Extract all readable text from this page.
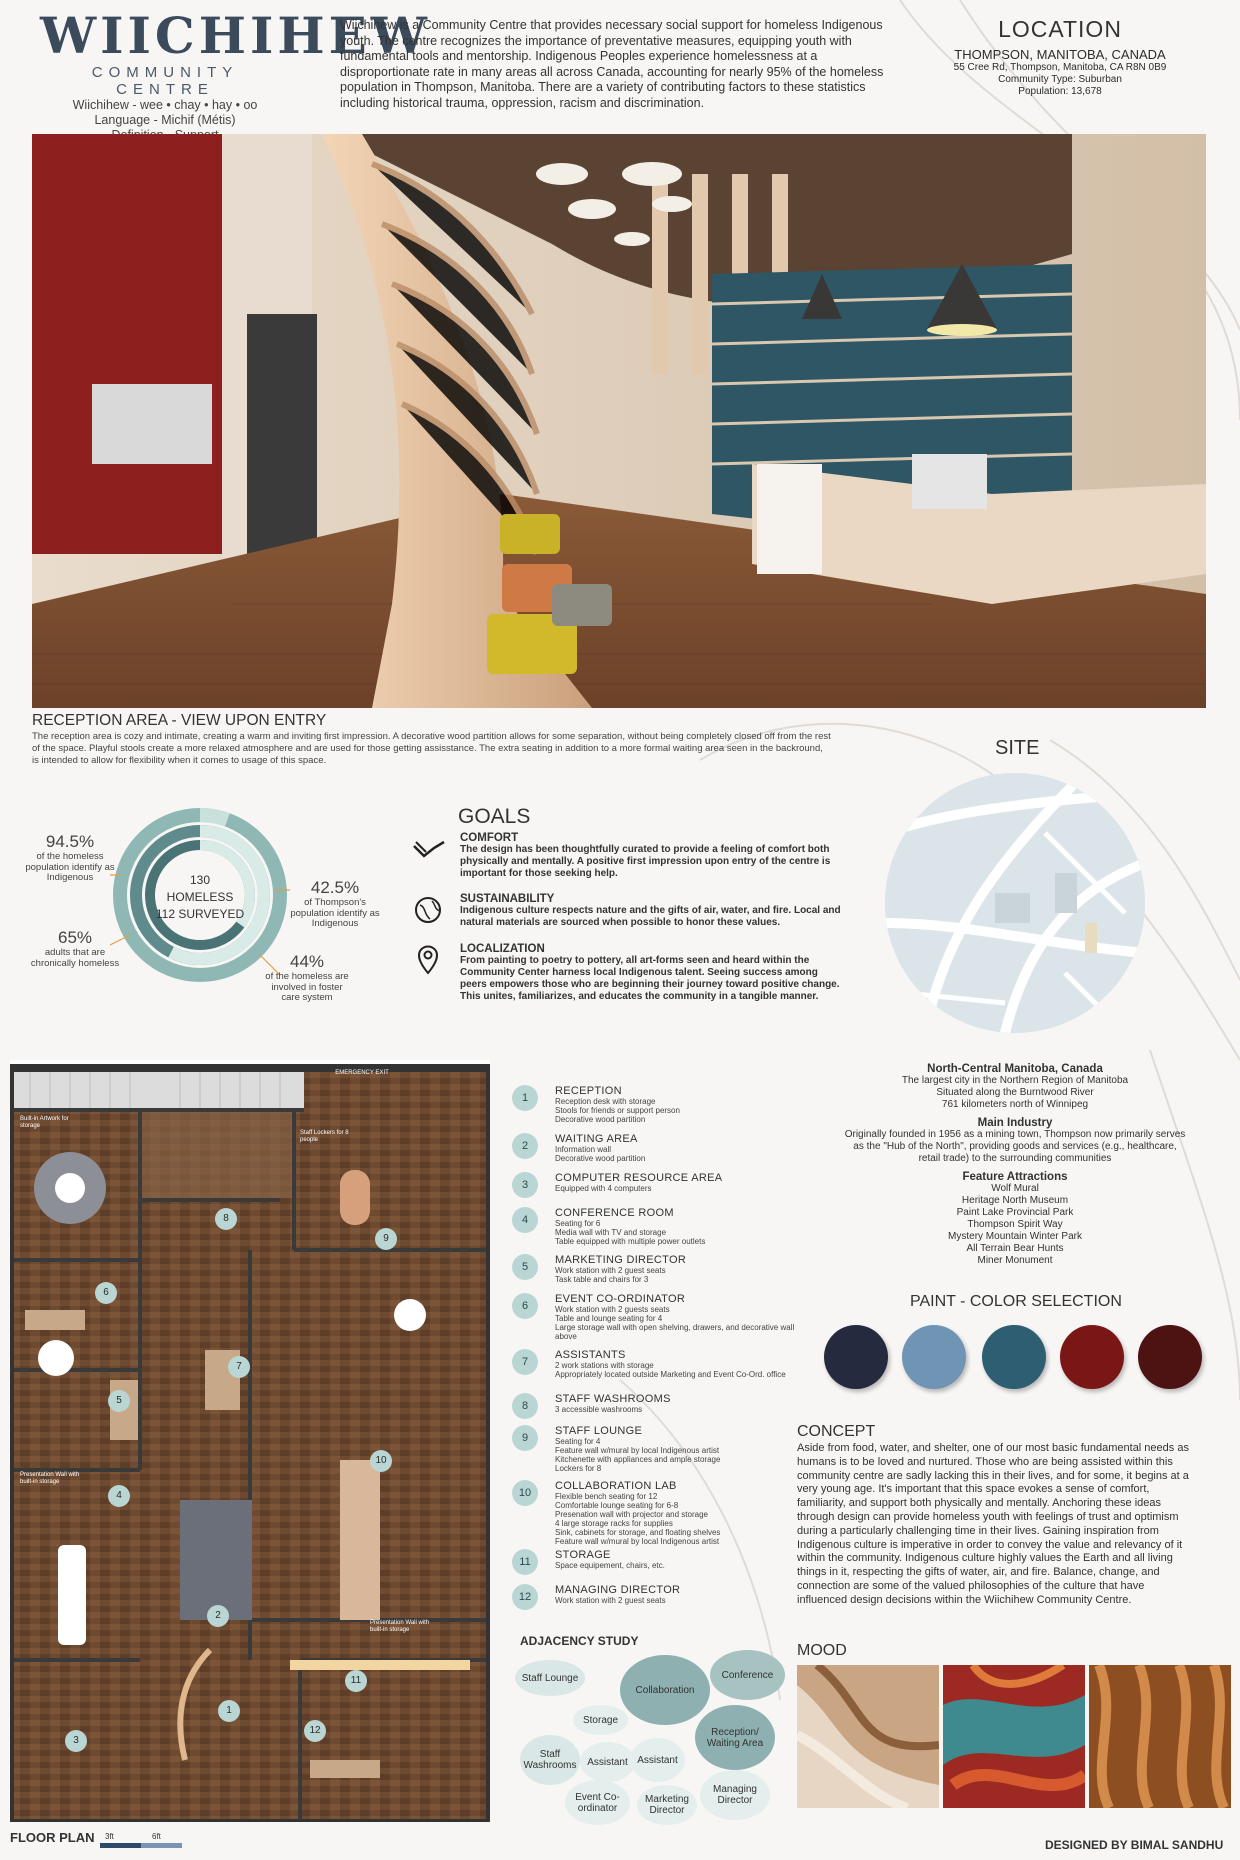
WIICHIHEW
COMMUNITY CENTRE
Wiichihew - wee • chay • hay • oo
Language - Michif (Métis)
Wiichihew is a Community Centre that provides necessary social support for homeless Indigenous youth. The centre recognizes the importance of preventative measures, equipping youth with fundamental tools and mentorship. Indigenous Peoples experience homelessness at a disproportionate rate in many areas all across Canada, accounting for nearly 95% of the homeless population in Thompson, Manitoba. There are a variety of contributing factors to these statistics including historical trauma, oppression, racism and discrimination.
LOCATION
THOMPSON, MANITOBA, CANADA
55 Cree Rd, Thompson, Manitoba, CA R8N 0B9
Community Type: Suburban
Population: 13,678
RECEPTION AREA - VIEW UPON ENTRY
The reception area is cozy and intimate, creating a warm and inviting first impression. A decorative wood partition allows for some separation, without being completely closed off from the rest of the space. Playful stools create a more relaxed atmosphere and are used for those getting assisstance. The extra seating in addition to a more formal waiting area seen in the backround, is intended to allow for flexibility when it comes to usage of this space.
SITE
130 HOMELESS
112 SURVEYED
94.5%
of the homeless population identify as Indigenous
42.5%
of Thompson's population identify as Indigenous
65%
adults that are chronically homeless	44%
of the homeless are involved in foster care system
GOALS
COMFORT
The design has been thoughtfully curated to provide a feeling of comfort both physically and mentally. A positive first impression upon entry of the centre is important for those seeking help.
SUSTAINABILITY
Indigenous culture respects nature and the gifts of air, water, and fire. Local and natural materials are sourced when possible to honor these values.
LOCALIZATION
From painting to poetry to pottery, all art-forms seen and heard within the Community Center harness local Indigenous talent. Seeing success among peers empowers those who are beginning their journey toward positive change. This unites, familiarizes, and educates the community in a tangible manner.
North-Central Manitoba, Canada
The largest city in the Northern Region of Manitoba
Situated along the Burntwood River
761 kilometers north of Winnipeg
Main Industry
Originally founded in 1956 as a mining town, Thompson now primarily serves as the "Hub of the North", providing goods and services (e.g., healthcare, retail trade) to the surrounding communities
Feature Attractions
Wolf Mural
Heritage North Museum
Paint Lake Provincial Park
Thompson Spirit Way
Mystery Mountain Winter Park
All Terrain Bear Hunts
Miner Monument
1
2
3
4
5
6
7
8
9
10
11
12
EMERGENCY EXIT
Built-in Artwork for storage
Staff Lockers for 8 people
Presentation Wall with built-in storage
Presentation Wall with built-in storage
FLOOR PLAN 3ft	6ft
1
RECEPTION
Reception desk with storage
Stools for friends or support person
Decorative wood partition
2
WAITING AREA
Information wall
Decorative wood partition
3
COMPUTER RESOURCE AREA
Equipped with 4 computers
4
CONFERENCE ROOM
Seating for 6
Media wall with TV and storage
Table equipped with multiple power outlets
5
MARKETING DIRECTOR
Work station with 2 guest seats
Task table and chairs for 3
6
EVENT CO-ORDINATOR
Work station with 2 guests seats
Table and lounge seating for 4
Large storage wall with open shelving, drawers, and decorative wall above
7
ASSISTANTS
2 work stations with storage
Appropriately located outside Marketing and Event Co-Ord. office
8
STAFF WASHROOMS
3 accessible washrooms
9
STAFF LOUNGE
Seating for 4
Feature wall w/mural by local Indigenous artist
Kitchenette with appliances and ample storage
Lockers for 8
10
COLLABORATION LAB
Flexible bench seating for 12
Comfortable lounge seating for 6-8
Presenation wall with projector and storage
4 large storage racks for supplies
Sink, cabinets for storage, and floating shelves
Feature wall w/mural by local Indigenous artist
11
STORAGE
Space equipement, chairs, etc.
12
MANAGING DIRECTOR
Work station with 2 guest seats
ADJACENCY STUDY
Staff Lounge
Collaboration
Conference
Storage
Staff Washrooms	Assistant Assistant
Reception/ Waiting Area
Event Co-ordinator
Marketing Director
Managing Director
PAINT - COLOR SELECTION
CONCEPT
Aside from food, water, and shelter, one of our most basic fundamental needs as humans is to be loved and nurtured. Those who are being assisted within this community centre are sadly lacking this in their lives, and for some, it begins at a very young age. It's important that this space evokes a sense of comfort, familiarity, and support both physically and mentally. Anchoring these ideas through design can provide homeless youth with feelings of trust and optimism during a particularly challenging time in their lives. Gaining inspiration from Indigenous culture is imperative in order to convey the value and relevancy of it within the community. Indigenous culture highly values the Earth and all living things in it, respecting the gifts of water, air, and fire. Balance, change, and connection are some of the valued philosophies of the culture that have influenced design decisions within the Wiichihew Community Centre.
MOOD
DESIGNED BY BIMAL SANDHU
